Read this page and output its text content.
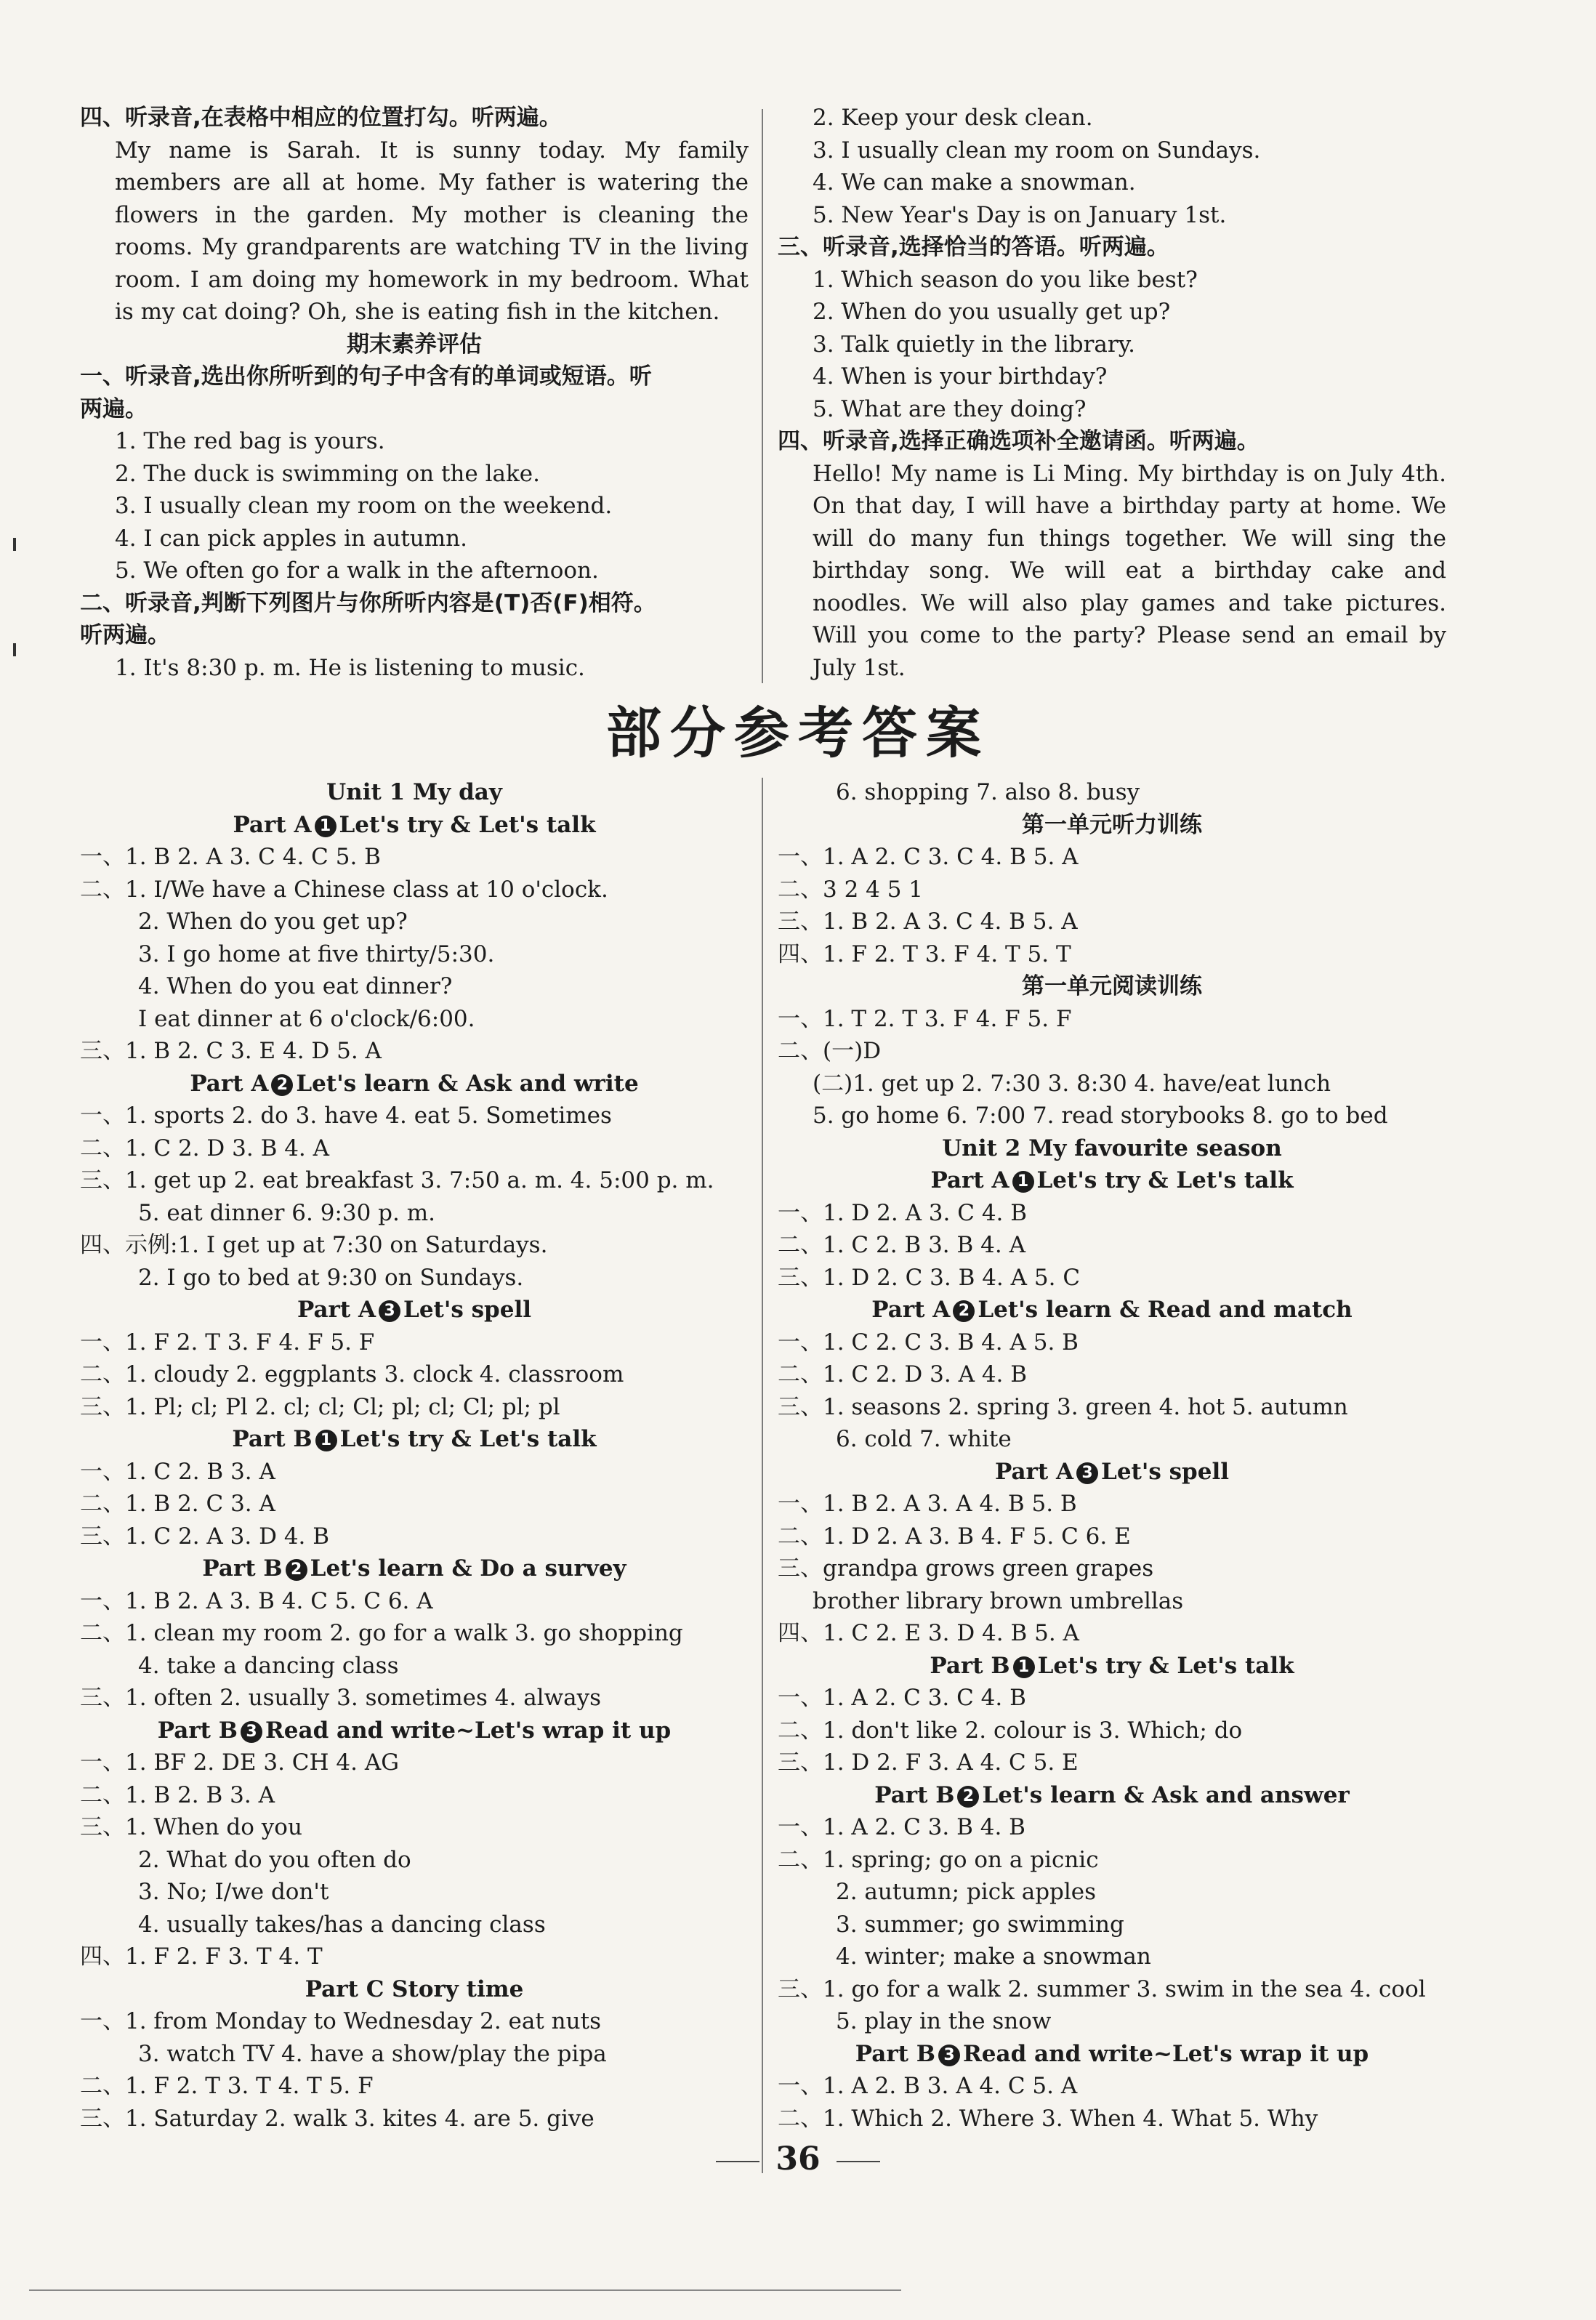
四、听录音,在表格中相应的位置打勾。听两遍。
My name is Sarah. It is sunny today. My family members are all at home. My father is watering the flowers in the garden. My mother is cleaning the rooms. My grandparents are watching TV in the living room. I am doing my homework in my bedroom. What is my cat doing? Oh, she is eating fish in the kitchen.
期末素养评估
一、听录音,选出你所听到的句子中含有的单词或短语。听
两遍。
1. The red bag is yours.
2. The duck is swimming on the lake.
3. I usually clean my room on the weekend.
4. I can pick apples in autumn.
5. We often go for a walk in the afternoon.
二、听录音,判断下列图片与你所听内容是(T)否(F)相符。
听两遍。
1. It's 8:30 p. m. He is listening to music.
2. Keep your desk clean.
3. I usually clean my room on Sundays.
4. We can make a snowman.
5. New Year's Day is on January 1st.
三、听录音,选择恰当的答语。听两遍。
1. Which season do you like best?
2. When do you usually get up?
3. Talk quietly in the library.
4. When is your birthday?
5. What are they doing?
四、听录音,选择正确选项补全邀请函。听两遍。
Hello! My name is Li Ming. My birthday is on July 4th. On that day, I will have a birthday party at home. We will do many fun things together. We will sing the birthday song. We will eat a birthday cake and noodles. We will also play games and take pictures. Will you come to the party? Please send an email by July 1st.
部分参考答案
Unit 1 My day
Part A 1 Let's try & Let's talk
一、1. B 2. A 3. C 4. C 5. B
二、1. I/We have a Chinese class at 10 o'clock.
2. When do you get up?
3. I go home at five thirty/5:30.
4. When do you eat dinner?
I eat dinner at 6 o'clock/6:00.
三、1. B 2. C 3. E 4. D 5. A
Part A 2 Let's learn & Ask and write
一、1. sports 2. do 3. have 4. eat 5. Sometimes
二、1. C 2. D 3. B 4. A
三、1. get up 2. eat breakfast 3. 7:50 a. m. 4. 5:00 p. m.
5. eat dinner 6. 9:30 p. m.
四、示例:1. I get up at 7:30 on Saturdays.
2. I go to bed at 9:30 on Sundays.
Part A 3 Let's spell
一、1. F 2. T 3. F 4. F 5. F
二、1. cloudy 2. eggplants 3. clock 4. classroom
三、1. Pl; cl; Pl 2. cl; cl; Cl; pl; cl; Cl; pl; pl
Part B 1 Let's try & Let's talk
一、1. C 2. B 3. A
二、1. B 2. C 3. A
三、1. C 2. A 3. D 4. B
Part B 2 Let's learn & Do a survey
一、1. B 2. A 3. B 4. C 5. C 6. A
二、1. clean my room 2. go for a walk 3. go shopping
4. take a dancing class
三、1. often 2. usually 3. sometimes 4. always
Part B 3 Read and write~Let's wrap it up
一、1. BF 2. DE 3. CH 4. AG
二、1. B 2. B 3. A
三、1. When do you
2. What do you often do
3. No; I/we don't
4. usually takes/has a dancing class
四、1. F 2. F 3. T 4. T
Part C Story time
一、1. from Monday to Wednesday 2. eat nuts
3. watch TV 4. have a show/play the pipa
二、1. F 2. T 3. T 4. T 5. F
三、1. Saturday 2. walk 3. kites 4. are 5. give
6. shopping 7. also 8. busy
第一单元听力训练
一、1. A 2. C 3. C 4. B 5. A
二、3 2 4 5 1
三、1. B 2. A 3. C 4. B 5. A
四、1. F 2. T 3. F 4. T 5. T
第一单元阅读训练
一、1. T 2. T 3. F 4. F 5. F
二、(一)D
(二)1. get up 2. 7:30 3. 8:30 4. have/eat lunch
5. go home 6. 7:00 7. read storybooks 8. go to bed
Unit 2 My favourite season
Part A 1 Let's try & Let's talk
一、1. D 2. A 3. C 4. B
二、1. C 2. B 3. B 4. A
三、1. D 2. C 3. B 4. A 5. C
Part A 2 Let's learn & Read and match
一、1. C 2. C 3. B 4. A 5. B
二、1. C 2. D 3. A 4. B
三、1. seasons 2. spring 3. green 4. hot 5. autumn
6. cold 7. white
Part A 3 Let's spell
一、1. B 2. A 3. A 4. B 5. B
二、1. D 2. A 3. B 4. F 5. C 6. E
三、grandpa grows green grapes
brother library brown umbrellas
四、1. C 2. E 3. D 4. B 5. A
Part B 1 Let's try & Let's talk
一、1. A 2. C 3. C 4. B
二、1. don't like 2. colour is 3. Which; do
三、1. D 2. F 3. A 4. C 5. E
Part B 2 Let's learn & Ask and answer
一、1. A 2. C 3. B 4. B
二、1. spring; go on a picnic
2. autumn; pick apples
3. summer; go swimming
4. winter; make a snowman
三、1. go for a walk 2. summer 3. swim in the sea 4. cool
5. play in the snow
Part B 3 Read and write~Let's wrap it up
一、1. A 2. B 3. A 4. C 5. A
二、1. Which 2. Where 3. When 4. What 5. Why
36
